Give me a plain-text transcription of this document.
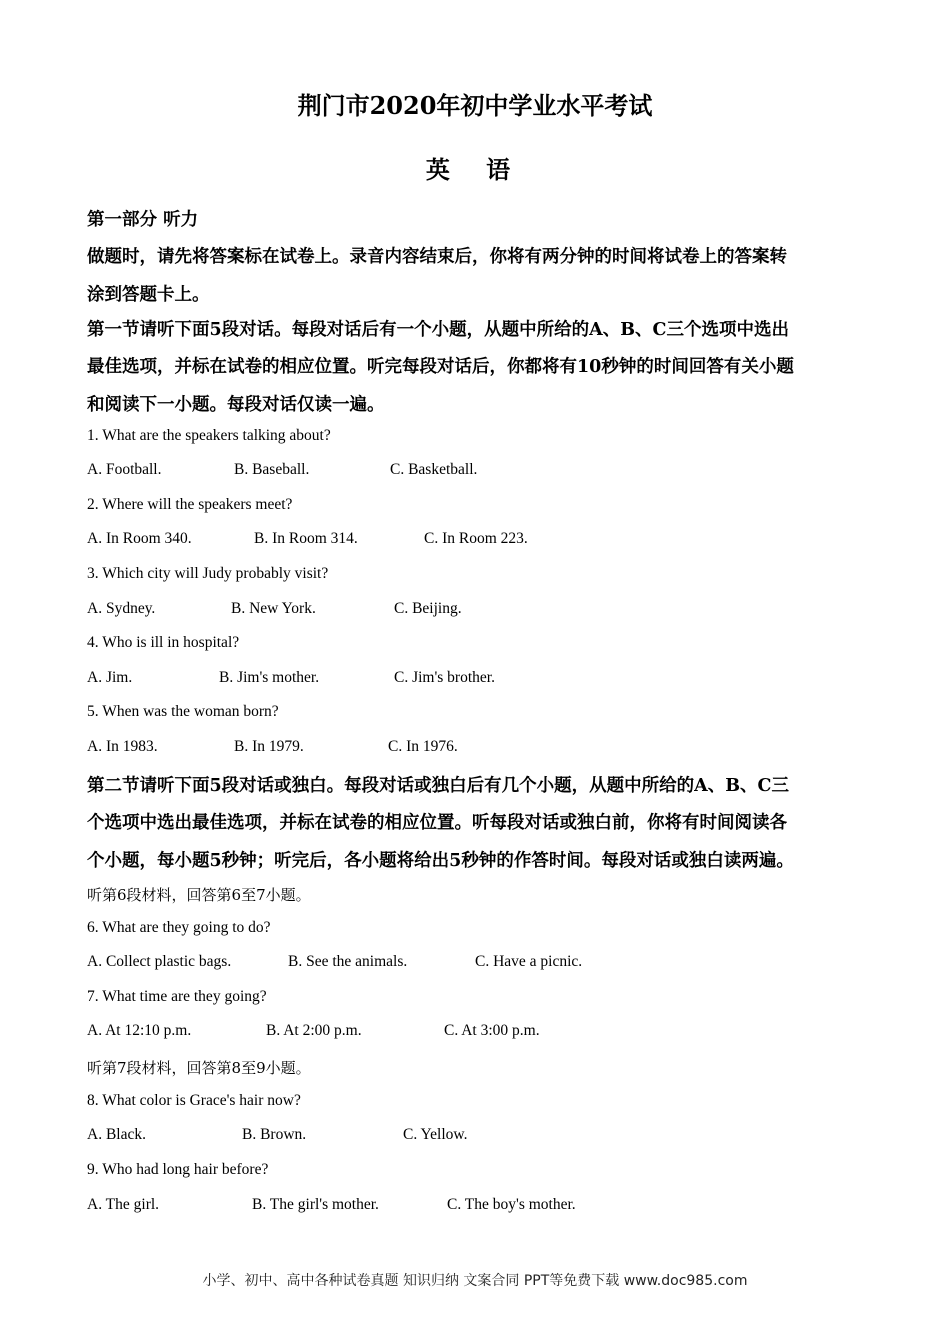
荆门市2020年初中学业水平考试
英 语
第一部分 听力
做题时，请先将答案标在试卷上。录音内容结束后，你将有两分钟的时间将试卷上的答案转
涂到答题卡上。
第一节请听下面5段对话。每段对话后有一个小题，从题中所给的A、B、C三个选项中选出
最佳选项，并标在试卷的相应位置。听完每段对话后，你都将有10秒钟的时间回答有关小题
和阅读下一小题。每段对话仅读一遍。
1. What are the speakers talking about?
A. Football.	B. Baseball.	C. Basketball.
2. Where will the speakers meet?
A. In Room 340.	B. In Room 314.	C. In Room 223.
3. Which city will Judy probably visit?
A. Sydney.	B. New York.	C. Beijing.
4. Who is ill in hospital?
A. Jim.	B. Jim's mother.	C. Jim's brother.
5. When was the woman born?
A. In 1983.	B. In 1979.	C. In 1976.
第二节请听下面5段对话或独白。每段对话或独白后有几个小题，从题中所给的A、B、C三
个选项中选出最佳选项，并标在试卷的相应位置。听每段对话或独白前，你将有时间阅读各
个小题，每小题5秒钟；听完后，各小题将给出5秒钟的作答时间。每段对话或独白读两遍。
听第6段材料，回答第6至7小题。
6. What are they going to do?
A. Collect plastic bags.	B. See the animals.	C. Have a picnic.
7. What time are they going?
A. At 12:10 p.m.	B. At 2:00 p.m.	C. At 3:00 p.m.
听第7段材料，回答第8至9小题。
8. What color is Grace's hair now?
A. Black.	B. Brown.	C. Yellow.
9. Who had long hair before?
A. The girl.	B. The girl's mother.	C. The boy's mother.
小学、初中、高中各种试卷真题 知识归纳 文案合同 PPT等免费下载 www.doc985.com
